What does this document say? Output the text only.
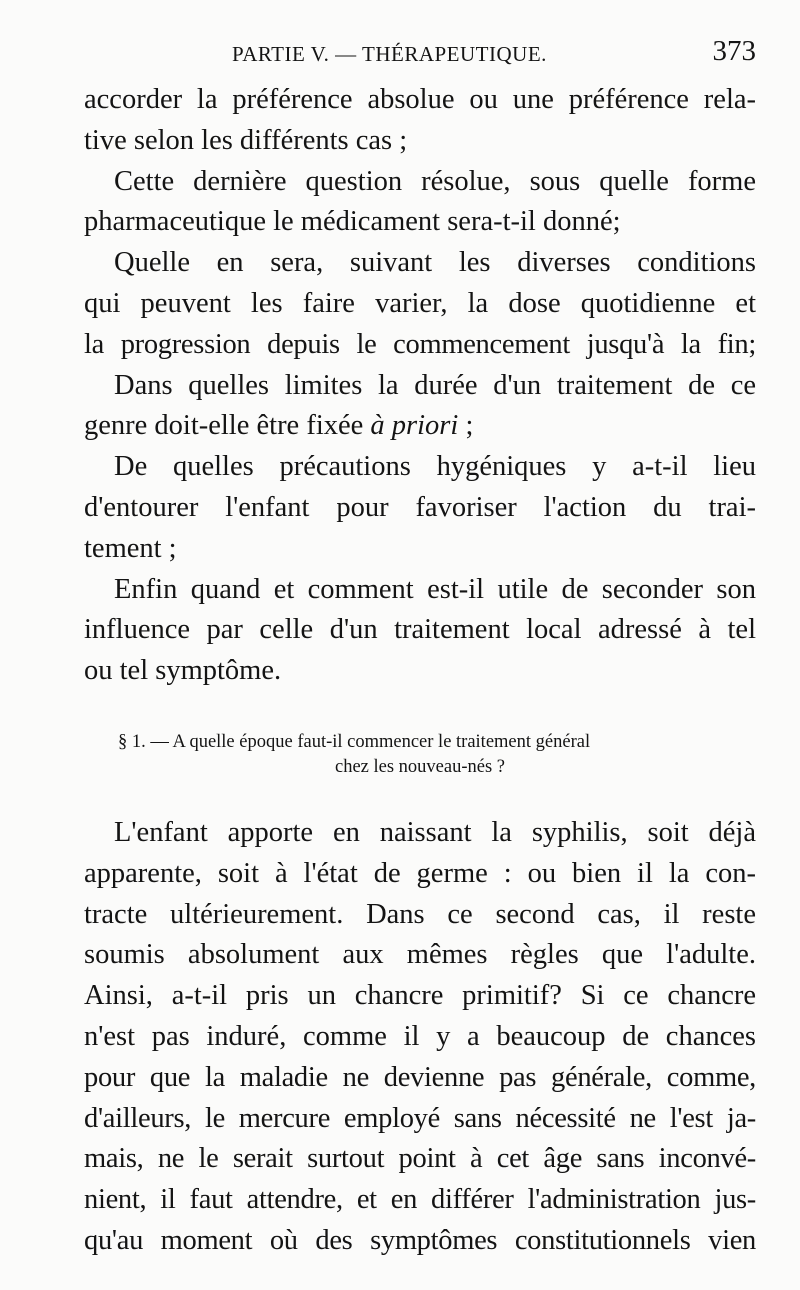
PARTIE V. — THÉRAPEUTIQUE.	373
accorder la préférence absolue ou une préférence rela-
tive selon les différents cas ;
Cette dernière question résolue, sous quelle forme
pharmaceutique le médicament sera-t-il donné;
Quelle en sera, suivant les diverses conditions
qui peuvent les faire varier, la dose quotidienne et
la progression depuis le commencement jusqu'à la fin;
Dans quelles limites la durée d'un traitement de ce
genre doit-elle être fixée à priori ;
De quelles précautions hygéniques y a-t-il lieu
d'entourer l'enfant pour favoriser l'action du trai-
tement ;
Enfin quand et comment est-il utile de seconder son
influence par celle d'un traitement local adressé à tel
ou tel symptôme.
§ 1. — A quelle époque faut-il commencer le traitement général
chez les nouveau-nés ?
L'enfant apporte en naissant la syphilis, soit déjà
apparente, soit à l'état de germe : ou bien il la con-
tracte ultérieurement. Dans ce second cas, il reste
soumis absolument aux mêmes règles que l'adulte.
Ainsi, a-t-il pris un chancre primitif? Si ce chancre
n'est pas induré, comme il y a beaucoup de chances
pour que la maladie ne devienne pas générale, comme,
d'ailleurs, le mercure employé sans nécessité ne l'est ja-
mais, ne le serait surtout point à cet âge sans inconvé-
nient, il faut attendre, et en différer l'administration jus-
qu'au moment où des symptômes constitutionnels vien
